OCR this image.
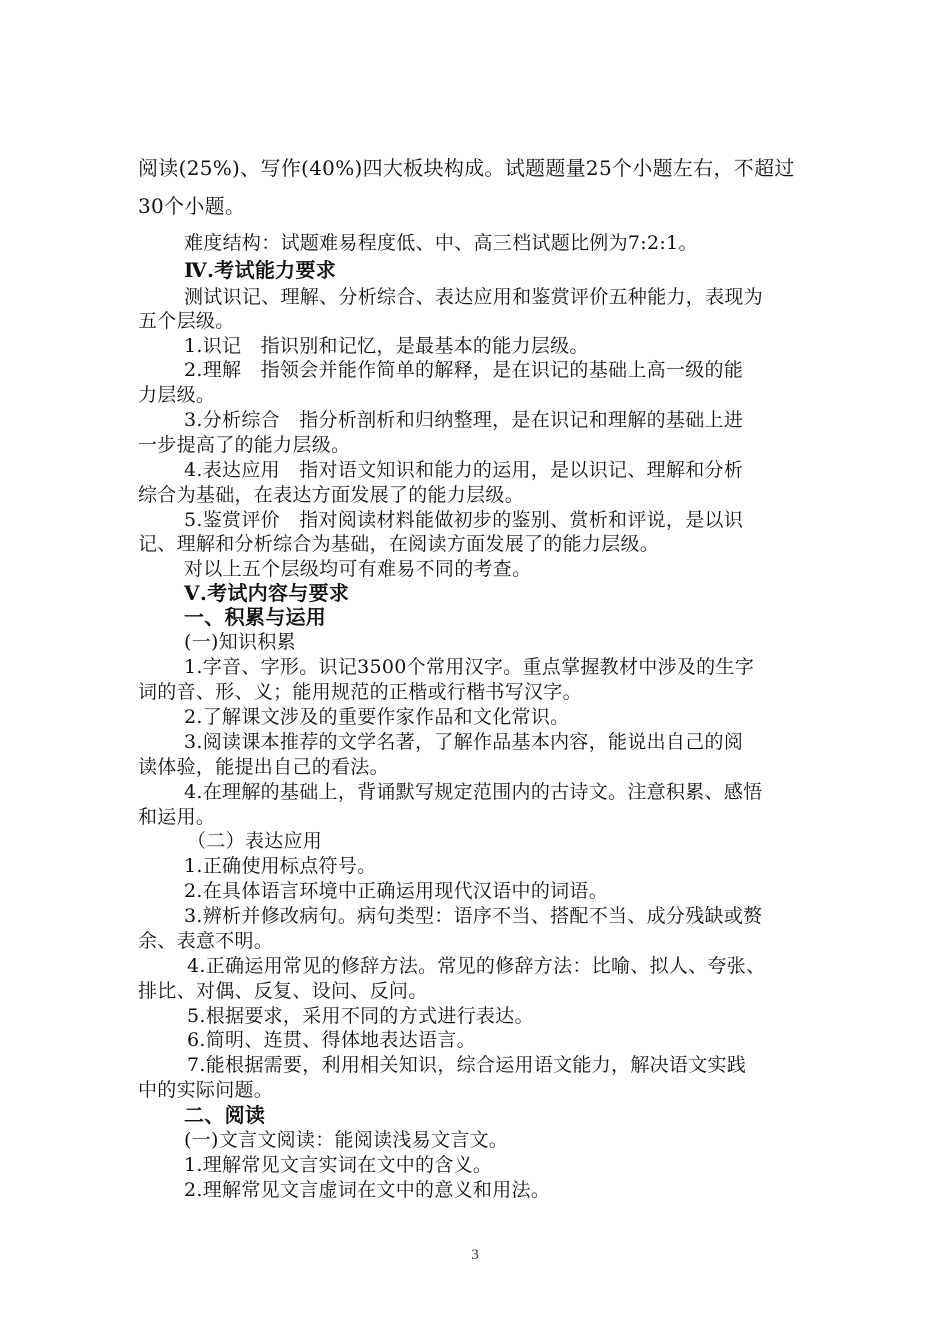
阅读(25%)、写作(40%)四大板块构成。试题题量25个小题左右，不超过

30个小题。

难度结构：试题难易程度低、中、高三档试题比例为7:2:1。

Ⅳ.考试能力要求

测试识记、理解、分析综合、表达应用和鉴赏评价五种能力，表现为

五个层级。

1.识记　指识别和记忆，是最基本的能力层级。

2.理解　指领会并能作简单的解释，是在识记的基础上高一级的能

力层级。

3.分析综合　指分析剖析和归纳整理，是在识记和理解的基础上进

一步提高了的能力层级。

4.表达应用　指对语文知识和能力的运用，是以识记、理解和分析

综合为基础，在表达方面发展了的能力层级。

5.鉴赏评价　指对阅读材料能做初步的鉴别、赏析和评说，是以识

记、理解和分析综合为基础，在阅读方面发展了的能力层级。

对以上五个层级均可有难易不同的考查。

Ⅴ.考试内容与要求

一、积累与运用

(一)知识积累

1.字音、字形。识记3500个常用汉字。重点掌握教材中涉及的生字

词的音、形、义；能用规范的正楷或行楷书写汉字。

2.了解课文涉及的重要作家作品和文化常识。

3.阅读课本推荐的文学名著，了解作品基本内容，能说出自己的阅

读体验，能提出自己的看法。

4.在理解的基础上，背诵默写规定范围内的古诗文。注意积累、感悟

和运用。

（二）表达应用

1.正确使用标点符号。

2.在具体语言环境中正确运用现代汉语中的词语。

3.辨析并修改病句。病句类型：语序不当、搭配不当、成分残缺或赘

余、表意不明。

4.正确运用常见的修辞方法。常见的修辞方法：比喻、拟人、夸张、

排比、对偶、反复、设问、反问。

5.根据要求，采用不同的方式进行表达。

6.简明、连贯、得体地表达语言。

7.能根据需要，利用相关知识，综合运用语文能力，解决语文实践

中的实际问题。

二、阅读

(一)文言文阅读：能阅读浅易文言文。

1.理解常见文言实词在文中的含义。

2.理解常见文言虚词在文中的意义和用法。

3
